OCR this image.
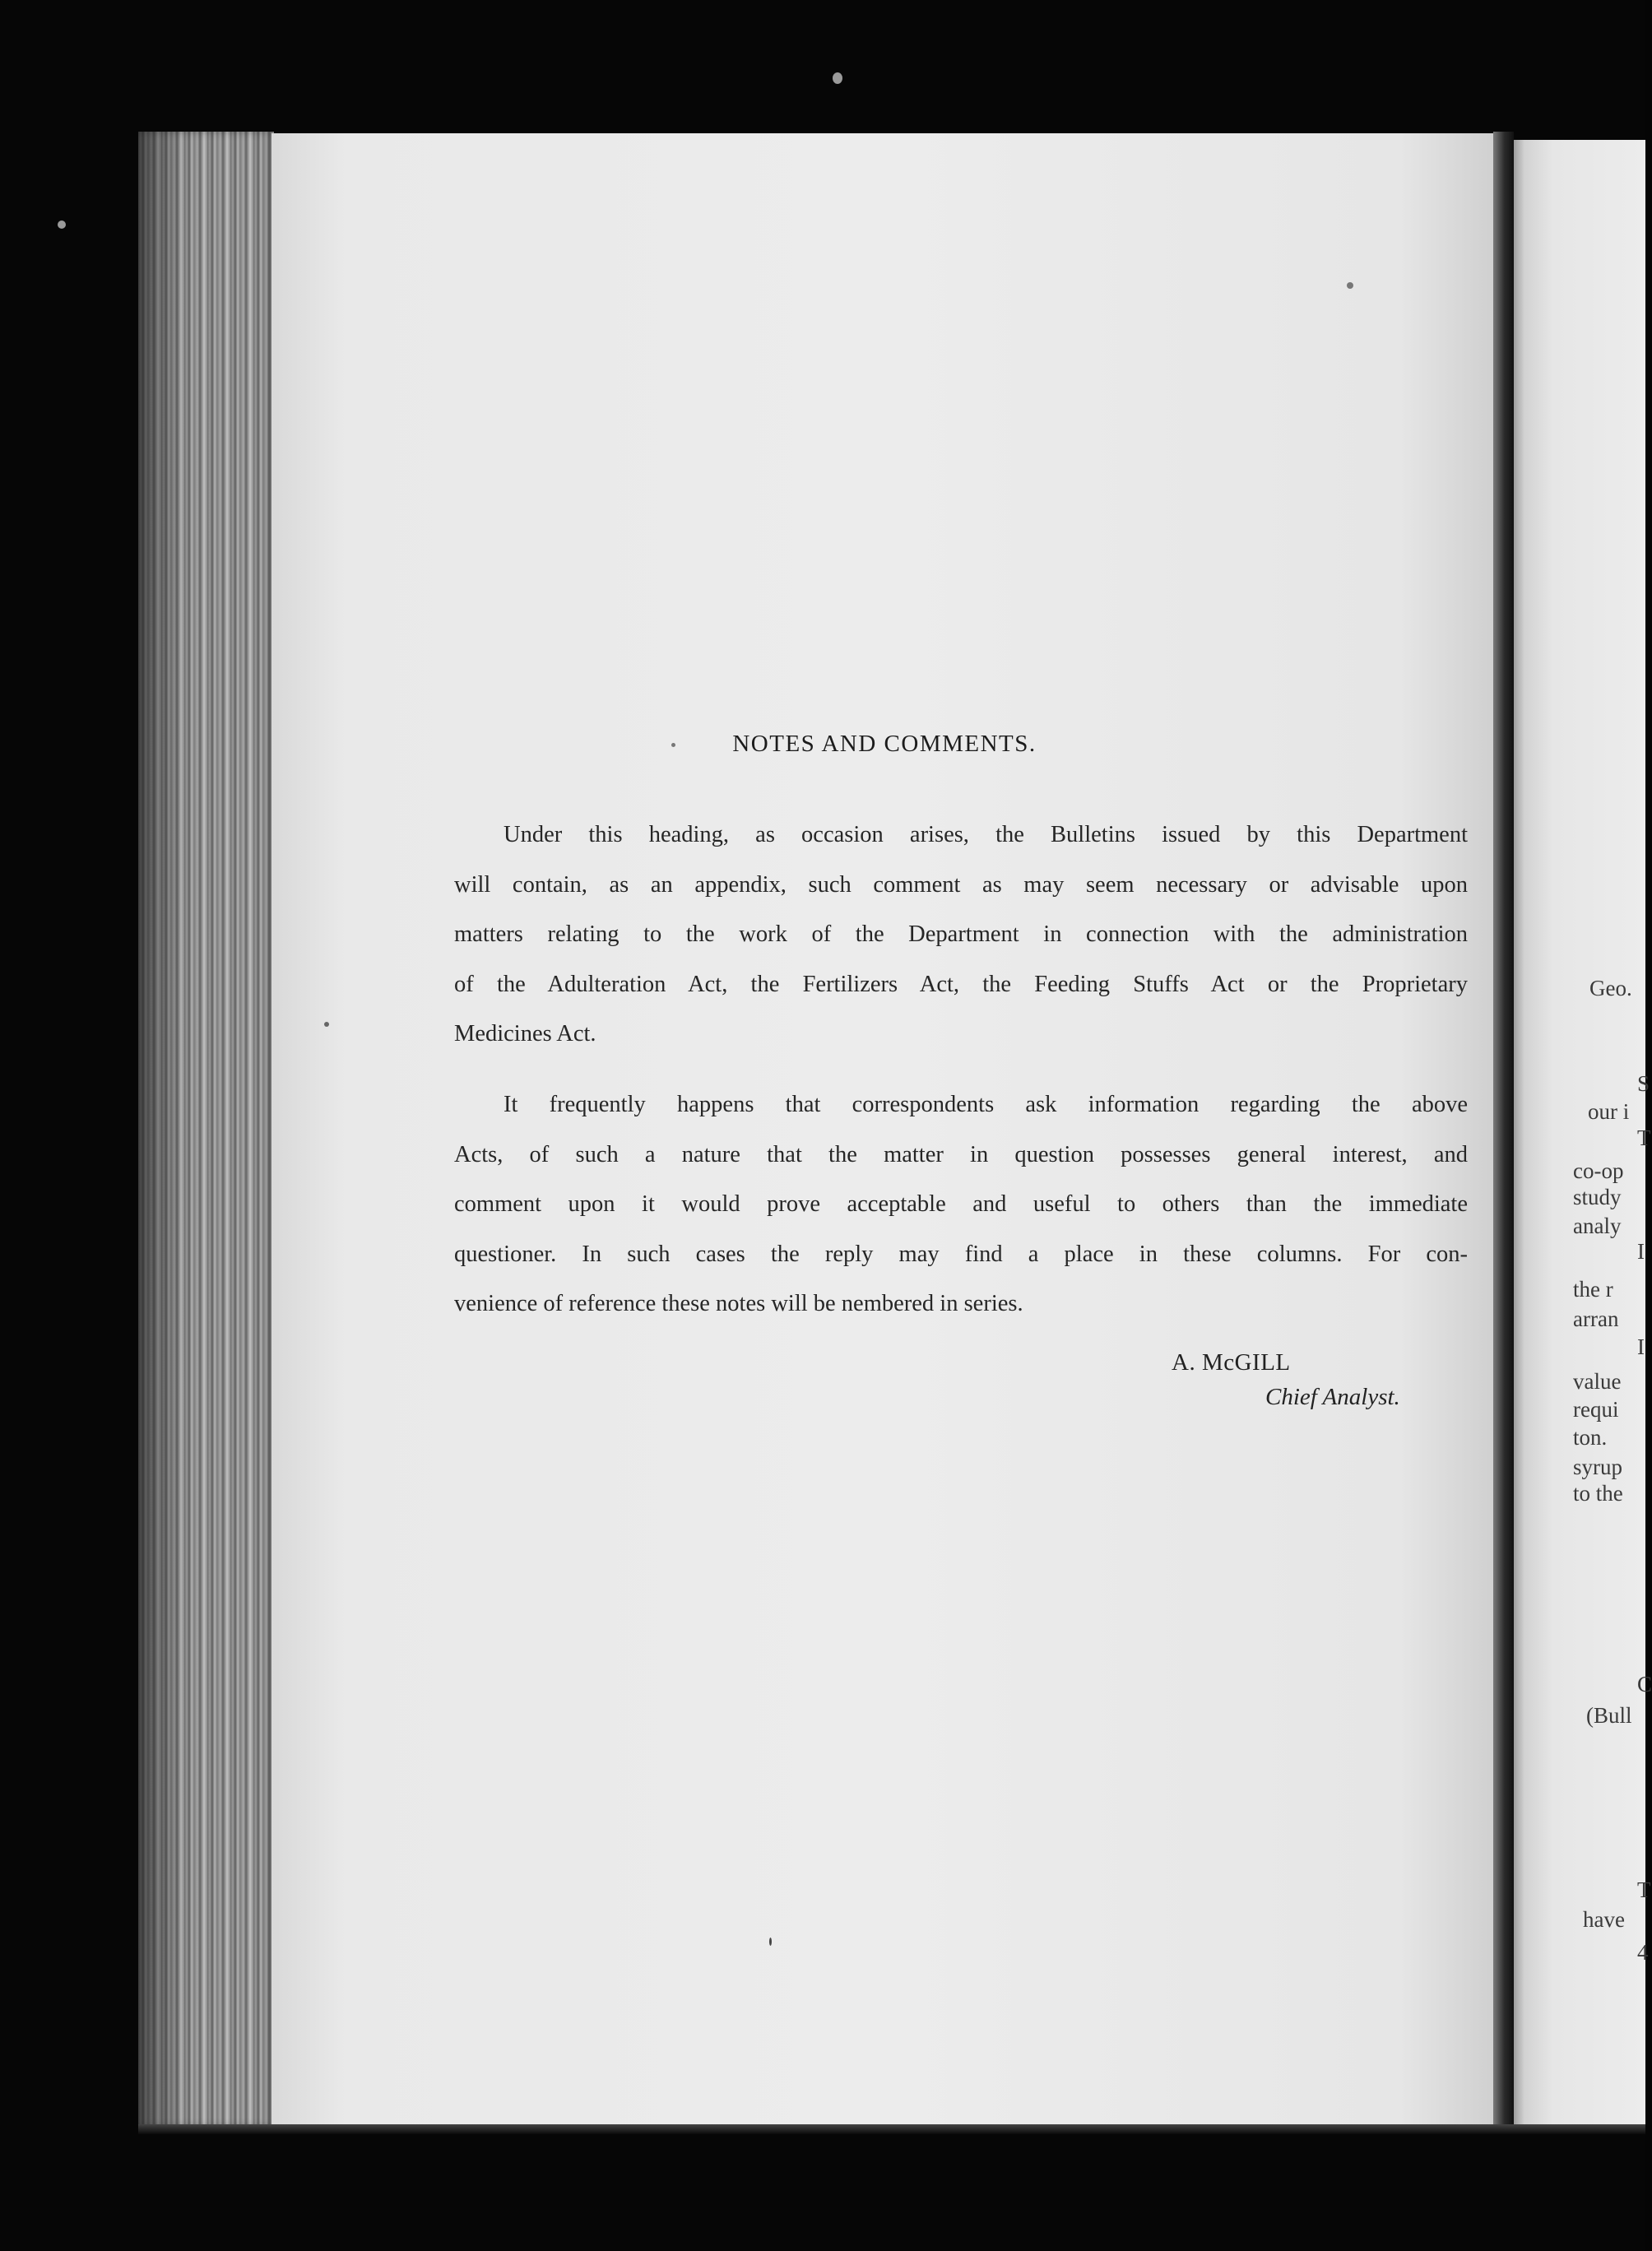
NOTES AND COMMENTS.
Under this heading, as occasion arises, the Bulletins issued by this Department
will contain, as an appendix, such comment as may seem necessary or advisable upon
matters relating to the work of the Department in connection with the administration
of the Adulteration Act, the Fertilizers Act, the Feeding Stuffs Act or the Proprietary
Medicines Act.
It frequently happens that correspondents ask information regarding the above
Acts, of such a nature that the matter in question possesses general interest, and
comment upon it would prove acceptable and useful to others than the immediate
questioner. In such cases the reply may find a place in these columns. For con-
venience of reference these notes will be nembered in series.
A. McGILL
Chief Analyst.
Geo.
S
our i
T
co-op
study
analy
I
the r
arran
I
value
requi
ton.
syrup
to the
C
(Bull
T
have
4
